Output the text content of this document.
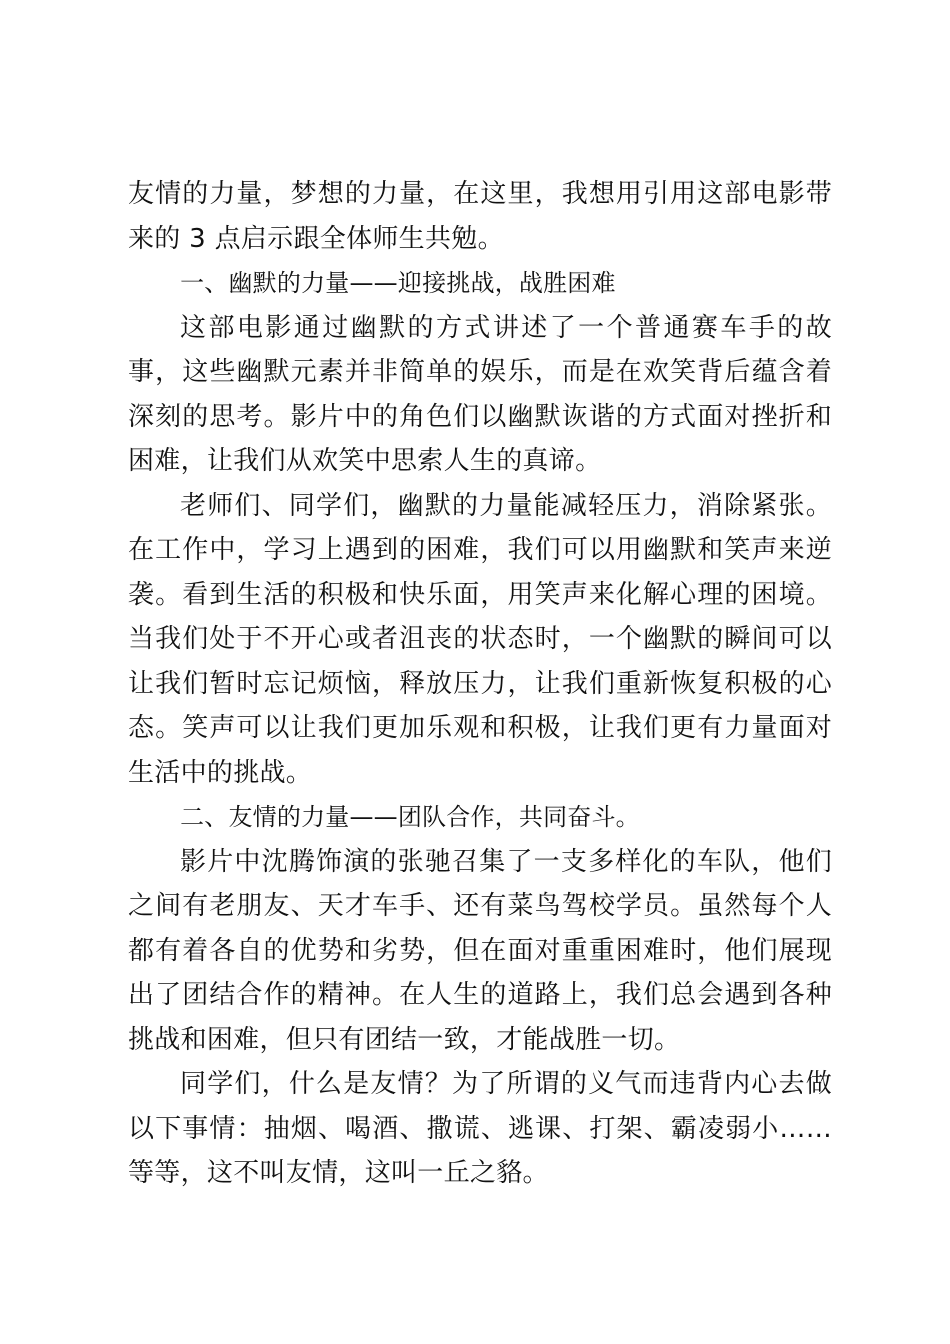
友情的力量，梦想的力量，在这里，我想用引用这部电影带来的 3 点启示跟全体师生共勉。

一、幽默的力量——迎接挑战，战胜困难

这部电影通过幽默的方式讲述了一个普通赛车手的故事，这些幽默元素并非简单的娱乐，而是在欢笑背后蕴含着深刻的思考。影片中的角色们以幽默诙谐的方式面对挫折和困难，让我们从欢笑中思索人生的真谛。

老师们、同学们，幽默的力量能减轻压力，消除紧张。在工作中，学习上遇到的困难，我们可以用幽默和笑声来逆袭。看到生活的积极和快乐面，用笑声来化解心理的困境。当我们处于不开心或者沮丧的状态时，一个幽默的瞬间可以让我们暂时忘记烦恼，释放压力，让我们重新恢复积极的心态。笑声可以让我们更加乐观和积极，让我们更有力量面对生活中的挑战。

二、友情的力量——团队合作，共同奋斗。

影片中沈腾饰演的张驰召集了一支多样化的车队，他们之间有老朋友、天才车手、还有菜鸟驾校学员。虽然每个人都有着各自的优势和劣势，但在面对重重困难时，他们展现出了团结合作的精神。在人生的道路上，我们总会遇到各种挑战和困难，但只有团结一致，才能战胜一切。

同学们，什么是友情？为了所谓的义气而违背内心去做以下事情：抽烟、喝酒、撒谎、逃课、打架、霸凌弱小……等等，这不叫友情，这叫一丘之貉。
